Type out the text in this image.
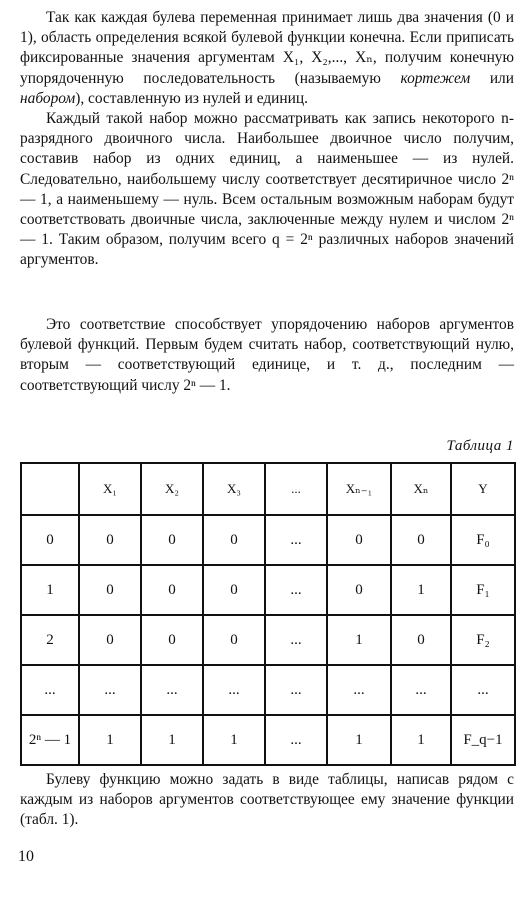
Так как каждая булева переменная принимает лишь два значения (0 и 1), область определения всякой булевой функции конечна. Если приписать фиксированные значения аргументам X₁, X₂,..., Xₙ, получим конечную упорядоченную последовательность (называемую кортежем или набором), составленную из нулей и единиц.

Каждый такой набор можно рассматривать как запись некоторого n-разрядного двоичного числа. Наибольшее двоичное число получим, составив набор из одних единиц, а наименьшее — из нулей. Следовательно, наибольшему числу соответствует десятиричное число 2ⁿ — 1, а наименьшему — нуль. Всем остальным возможным наборам будут соответствовать двоичные числа, заключенные между нулем и числом 2ⁿ — 1. Таким образом, получим всего q = 2ⁿ различных наборов значений аргументов.

Это соответствие способствует упорядочению наборов аргументов булевой функций. Первым будем считать набор, соответствующий нулю, вторым — соответствующий единице, и т. д., последним — соответствующий числу 2ⁿ — 1.

Таблица 1
	X₁	X₂	X₃	...	Xₙ₋₁	Xₙ	Y
0	0	0	0	...	0	0	F₀
1	0	0	0	...	0	1	F₁
2	0	0	0	...	1	0	F₂
...	...	...	...	...	...	...	...
2ⁿ — 1	1	1	1	...	1	1	F_q−1

Булеву функцию можно задать в виде таблицы, написав рядом с каждым из наборов аргументов соответствующее ему значение функции (табл. 1).

10
